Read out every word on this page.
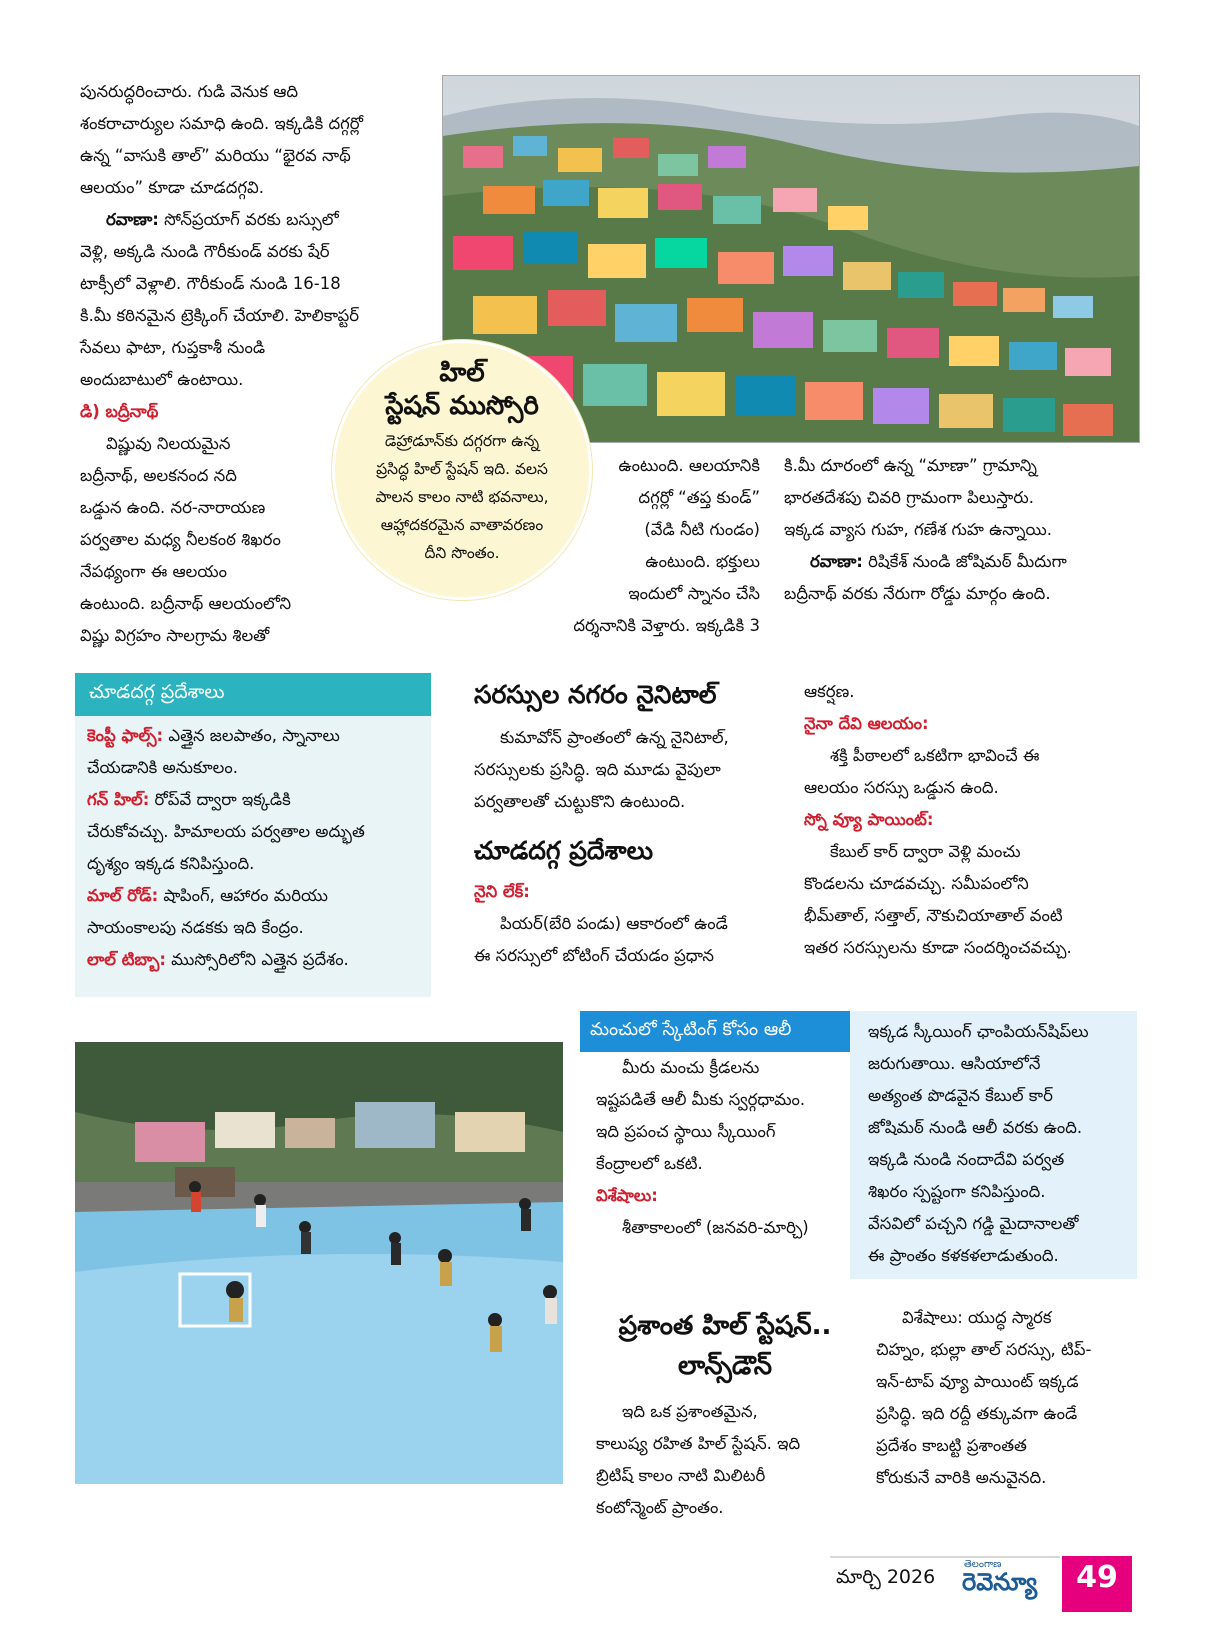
పునరుద్ధరించారు. గుడి వెనుక ఆది
శంకరాచార్యుల సమాధి ఉంది. ఇక్కడికి దగ్గర్లో
ఉన్న “వాసుకి తాల్” మరియు “భైరవ నాథ్
ఆలయం” కూడా చూడదగ్గవి.
రవాణా: సోన్‌ప్రయాగ్ వరకు బస్సులో
వెళ్లి, అక్కడి నుండి గౌరీకుండ్ వరకు షేర్
టాక్సీలో వెళ్లాలి. గౌరీకుండ్ నుండి 16-18
కి.మీ కఠినమైన ట్రెక్కింగ్ చేయాలి. హెలికాప్టర్
సేవలు ఫాటా, గుప్తకాశీ నుండి
అందుబాటులో ఉంటాయి.
డి) బద్రీనాథ్
విష్ణువు నిలయమైన
బద్రీనాథ్, అలకనంద నది
ఒడ్డున ఉంది. నర-నారాయణ
పర్వతాల మధ్య నీలకంఠ శిఖరం
నేపథ్యంగా ఈ ఆలయం
ఉంటుంది. బద్రీనాథ్ ఆలయంలోని
విష్ణు విగ్రహం సాలగ్రామ శిలతో
హిల్
స్టేషన్ ముస్సోరి
డెహ్రాడూన్‌కు దగ్గరగా ఉన్న
ప్రసిద్ధ హిల్ స్టేషన్ ఇది. వలస
పాలన కాలం నాటి భవనాలు,
ఆహ్లాదకరమైన వాతావరణం
దీని సొంతం.
ఉంటుంది. ఆలయానికి
దగ్గర్లో “తప్త కుండ్”
(వేడి నీటి గుండం)
ఉంటుంది. భక్తులు
ఇందులో స్నానం చేసి
దర్శనానికి వెళ్తారు. ఇక్కడికి 3
కి.మీ దూరంలో ఉన్న “మాణా” గ్రామాన్ని
భారతదేశపు చివరి గ్రామంగా పిలుస్తారు.
ఇక్కడ వ్యాస గుహ, గణేశ గుహ ఉన్నాయి.
రవాణా: రిషికేశ్ నుండి జోషిమఠ్ మీదుగా
బద్రీనాథ్ వరకు నేరుగా రోడ్డు మార్గం ఉంది.
చూడదగ్గ ప్రదేశాలు
కెంప్టీ ఫాల్స్: ఎత్తైన జలపాతం, స్నానాలు
చేయడానికి అనుకూలం.
గన్ హిల్: రోప్‌వే ద్వారా ఇక్కడికి
చేరుకోవచ్చు. హిమాలయ పర్వతాల అద్భుత
దృశ్యం ఇక్కడ కనిపిస్తుంది.
మాల్ రోడ్: షాపింగ్, ఆహారం మరియు
సాయంకాలపు నడకకు ఇది కేంద్రం.
లాల్ టిబ్బా: ముస్సోరిలోని ఎత్తైన ప్రదేశం.
సరస్సుల నగరం నైనిటాల్
కుమావోన్ ప్రాంతంలో ఉన్న నైనిటాల్,
సరస్సులకు ప్రసిద్ధి. ఇది మూడు వైపులా
పర్వతాలతో చుట్టుకొని ఉంటుంది.
చూడదగ్గ ప్రదేశాలు
నైని లేక్:
పియర్(బేరి పండు) ఆకారంలో ఉండే
ఈ సరస్సులో బోటింగ్ చేయడం ప్రధాన
ఆకర్షణ.
నైనా దేవి ఆలయం:
శక్తి పీఠాలలో ఒకటిగా భావించే ఈ
ఆలయం సరస్సు ఒడ్డున ఉంది.
స్నో వ్యూ పాయింట్:
కేబుల్ కార్ ద్వారా వెళ్లి మంచు
కొండలను చూడవచ్చు. సమీపంలోని
భీమ్‌తాల్, సత్తాల్, నౌకుచియాతాల్ వంటి
ఇతర సరస్సులను కూడా సందర్శించవచ్చు.
మంచులో స్కేటింగ్ కోసం ఆలీ
మీరు మంచు క్రీడలను
ఇష్టపడితే ఆలీ మీకు స్వర్గధామం.
ఇది ప్రపంచ స్థాయి స్కీయింగ్
కేంద్రాలలో ఒకటి.
విశేషాలు:
శీతాకాలంలో (జనవరి-మార్చి)
ఇక్కడ స్కీయింగ్ ఛాంపియన్‌షిప్‌లు
జరుగుతాయి. ఆసియాలోనే
అత్యంత పొడవైన కేబుల్ కార్
జోషిమఠ్ నుండి ఆలీ వరకు ఉంది.
ఇక్కడి నుండి నందాదేవి పర్వత
శిఖరం స్పష్టంగా కనిపిస్తుంది.
వేసవిలో పచ్చని గడ్డి మైదానాలతో
ఈ ప్రాంతం కళకళలాడుతుంది.
ప్రశాంత హిల్ స్టేషన్..
లాన్స్‌డౌన్
ఇది ఒక ప్రశాంతమైన,
కాలుష్య రహిత హిల్ స్టేషన్. ఇది
బ్రిటిష్ కాలం నాటి మిలిటరీ
కంటోన్మెంట్ ప్రాంతం.
విశేషాలు: యుద్ధ స్మారక
చిహ్నం, భుల్లా తాల్ సరస్సు, టిప్-
ఇన్-టాప్ వ్యూ పాయింట్ ఇక్కడ
ప్రసిద్ధి. ఇది రద్దీ తక్కువగా ఉండే
ప్రదేశం కాబట్టి ప్రశాంతత
కోరుకునే వారికి అనువైనది.
మార్చి 2026
తెలంగాణ
రెవెన్యూ	49
